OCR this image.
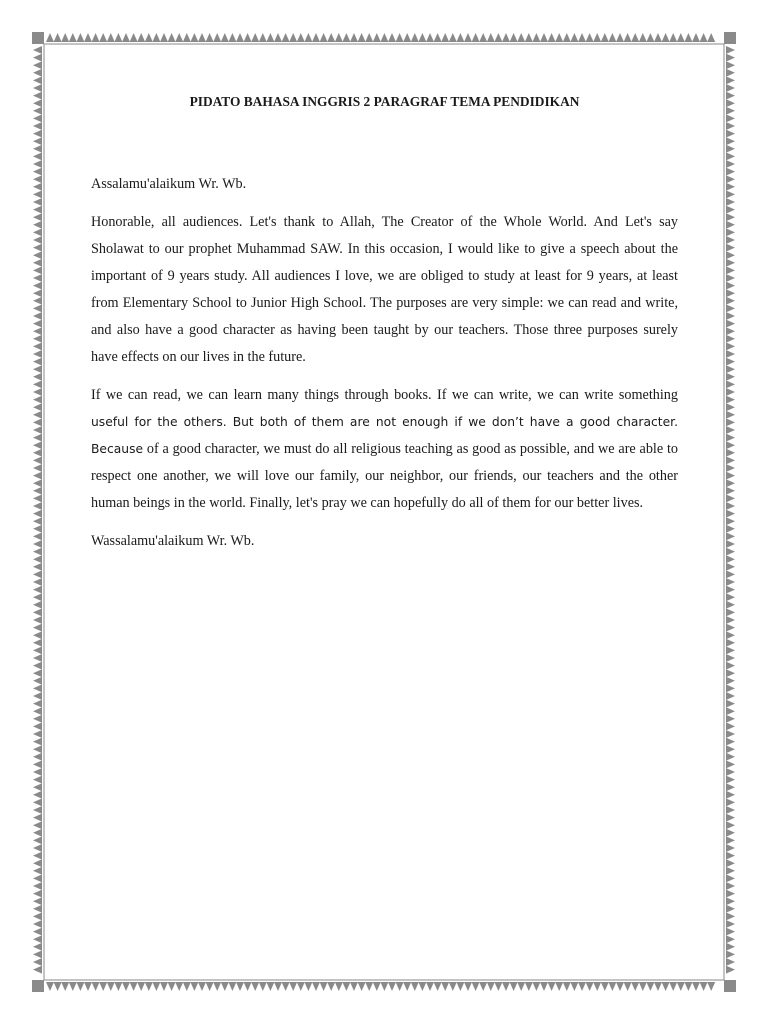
PIDATO BAHASA INGGRIS 2 PARAGRAF TEMA PENDIDIKAN

Assalamu'alaikum Wr. Wb.

Honorable, all audiences. Let's thank to Allah, The Creator of the Whole World. And Let's say Sholawat to our prophet Muhammad SAW. In this occasion, I would like to give a speech about the important of 9 years study. All audiences I love, we are obliged to study at least for 9 years, at least from Elementary School to Junior High School. The purposes are very simple: we can read and write, and also have a good character as having been taught by our teachers. Those three purposes surely have effects on our lives in the future.

If we can read, we can learn many things through books. If we can write, we can write something useful for the others. But both of them are not enough if we don’t have a good character. Because of a good character, we must do all religious teaching as good as possible, and we are able to respect one another, we will love our family, our neighbor, our friends, our teachers and the other human beings in the world. Finally, let's pray we can hopefully do all of them for our better lives.

Wassalamu'alaikum Wr. Wb.
